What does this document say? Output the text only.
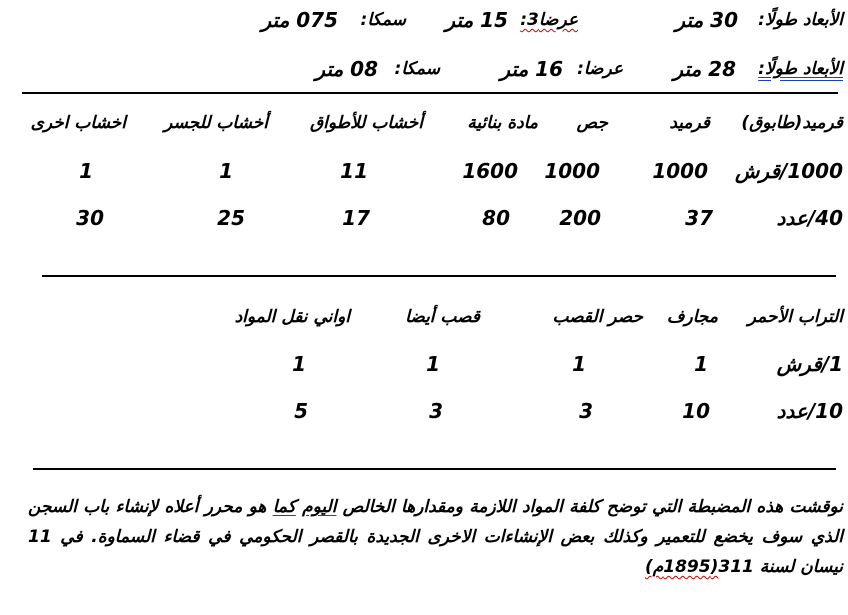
الأبعاد طولًا:
30 متر
عرضا3:
15 متر
سمكا:
075 متر
الأبعاد طولًا:
28 متر
عرضا:
16 متر
سمكا:
08 متر
قرميد(طابوق)
قرميد
جص
مادة بنائية
أخشاب للأطواق
أخشاب للجسر
اخشاب اخرى
1000/قرش
1000
1000
1600
11
1
1
40/عدد
37
200
80
17
25
30
التراب الأحمر
مجارف
حصر القصب
قصب أيضا
اواني نقل المواد
1/قرش
1
1
1
1
10/عدد
10
3
3
5
نوقشت هذه المضبطة التي توضح كلفة المواد اللازمة ومقدارها الخالص اليوم كما هو محرر أعلاه لإنشاء باب السجن الذي سوف يخضع للتعمير وكذلك بعض الإنشاءات الاخرى الجديدة بالقصر الحكومي في قضاء السماوة. في 11 نيسان لسنة 311(1895م)
